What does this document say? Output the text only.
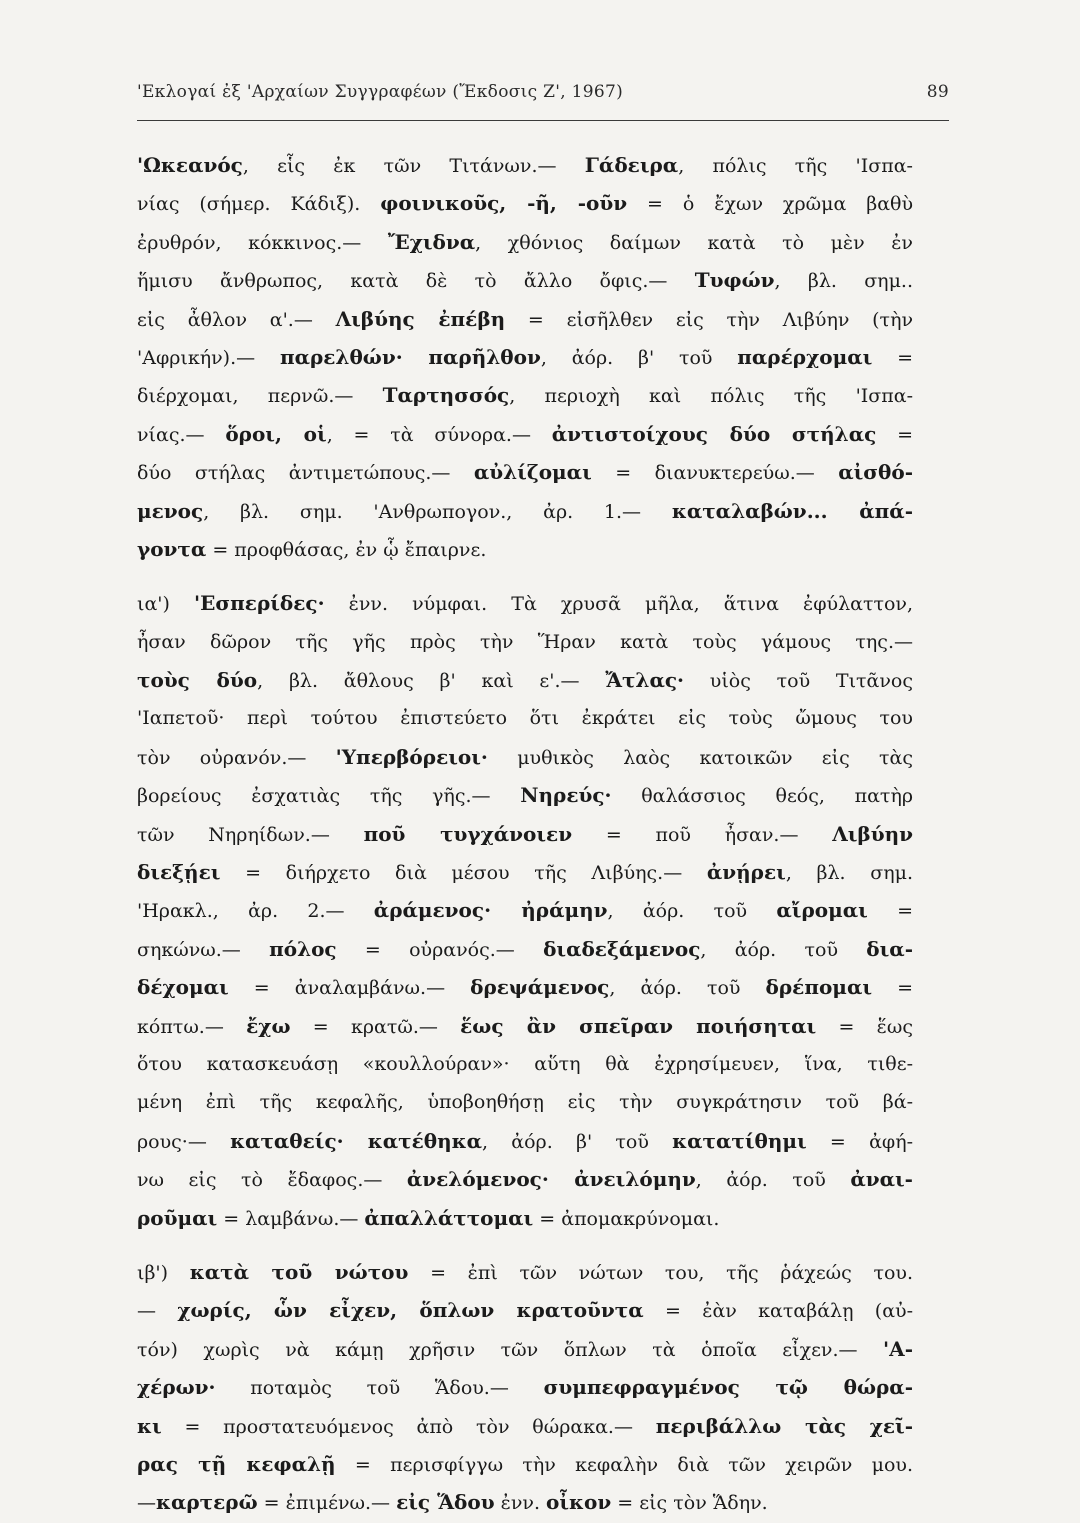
'Εκλογαί ἐξ 'Αρχαίων Συγγραφέων (Ἔκδοσις Ζ', 1967)	89
'Ωκεανός, εἷς ἐκ τῶν Τιτάνων.— Γάδειρα, πόλις τῆς 'Ισπα-
νίας (σήμερ. Κάδιξ). φοινικοῦς, -ῆ, -οῦν = ὁ ἔχων χρῶμα βαθὺ
ἐρυθρόν, κόκκινος.— Ἔχιδνα, χθόνιος δαίμων κατὰ τὸ μὲν ἐν
ἥμισυ ἄνθρωπος, κατὰ δὲ τὸ ἄλλο ὄφις.— Τυφών, βλ. σημ..
εἰς ἆθλον α'.— Λιβύης ἐπέβη = εἰσῆλθεν εἰς τὴν Λιβύην (τὴν
'Αφρικήν).— παρελθών· παρῆλθον, ἀόρ. β' τοῦ παρέρχομαι =
διέρχομαι, περνῶ.— Ταρτησσός, περιοχὴ καὶ πόλις τῆς 'Ισπα-
νίας.— ὅροι, οἱ, = τὰ σύνορα.— ἀντιστοίχους δύο στήλας =
δύο στήλας ἀντιμετώπους.— αὐλίζομαι = διανυκτερεύω.— αἰσθό-
μενος, βλ. σημ. 'Ανθρωπογον., ἀρ. 1.— καταλαβών... ἀπά-
γοντα = προφθάσας, ἐν ᾧ ἔπαιρνε.
ια') 'Εσπερίδες· ἐνν. νύμφαι. Τὰ χρυσᾶ μῆλα, ἅτινα ἐφύλαττον,
ἦσαν δῶρον τῆς γῆς πρὸς τὴν Ἥραν κατὰ τοὺς γάμους της.—
τοὺς δύο, βλ. ἄθλους β' καὶ ε'.— Ἄτλας· υἱὸς τοῦ Τιτᾶνος
'Ιαπετοῦ· περὶ τούτου ἐπιστεύετο ὅτι ἐκράτει εἰς τοὺς ὤμους του
τὸν οὐρανόν.— 'Υπερβόρειοι· μυθικὸς λαὸς κατοικῶν εἰς τὰς
βορείους ἐσχατιὰς τῆς γῆς.— Νηρεύς· θαλάσσιος θεός, πατὴρ
τῶν Νηρηίδων.— ποῦ τυγχάνοιεν = ποῦ ἦσαν.— Λιβύην
διεξῄει = διήρχετο διὰ μέσου τῆς Λιβύης.— ἀνῄρει, βλ. σημ.
'Ηρακλ., ἀρ. 2.— ἀράμενος· ἠράμην, ἀόρ. τοῦ αἴρομαι =
σηκώνω.— πόλος = οὐρανός.— διαδεξάμενος, ἀόρ. τοῦ δια-
δέχομαι = ἀναλαμβάνω.— δρεψάμενος, ἀόρ. τοῦ δρέπομαι =
κόπτω.— ἔχω = κρατῶ.— ἕως ἂν σπεῖραν ποιήσηται = ἕως
ὅτου κατασκευάσῃ «κουλλούραν»· αὕτη θὰ ἐχρησίμευεν, ἵνα, τιθε-
μένη ἐπὶ τῆς κεφαλῆς, ὑποβοηθήσῃ εἰς τὴν συγκράτησιν τοῦ βά-
ρους·— καταθείς· κατέθηκα, ἀόρ. β' τοῦ κατατίθημι = ἀφή-
νω εἰς τὸ ἔδαφος.— ἀνελόμενος· ἀνειλόμην, ἀόρ. τοῦ ἀναι-
ροῦμαι = λαμβάνω.— ἀπαλλάττομαι = ἀπομακρύνομαι.
ιβ') κατὰ τοῦ νώτου = ἐπὶ τῶν νώτων του, τῆς ῥάχεώς του.
— χωρίς, ὧν εἶχεν, ὅπλων κρατοῦντα = ἐὰν καταβάλῃ (αὐ-
τόν) χωρὶς νὰ κάμῃ χρῆσιν τῶν ὅπλων τὰ ὁποῖα εἶχεν.— 'Α-
χέρων· ποταμὸς τοῦ Ἅδου.— συμπεφραγμένος τῷ θώρα-
κι = προστατευόμενος ἀπὸ τὸν θώρακα.— περιβάλλω τὰς χεῖ-
ρας τῇ κεφαλῇ = περισφίγγω τὴν κεφαλὴν διὰ τῶν χειρῶν μου.
—καρτερῶ = ἐπιμένω.— εἰς Ἅδου ἐνν. οἶκον = εἰς τὸν Ἅδην.
